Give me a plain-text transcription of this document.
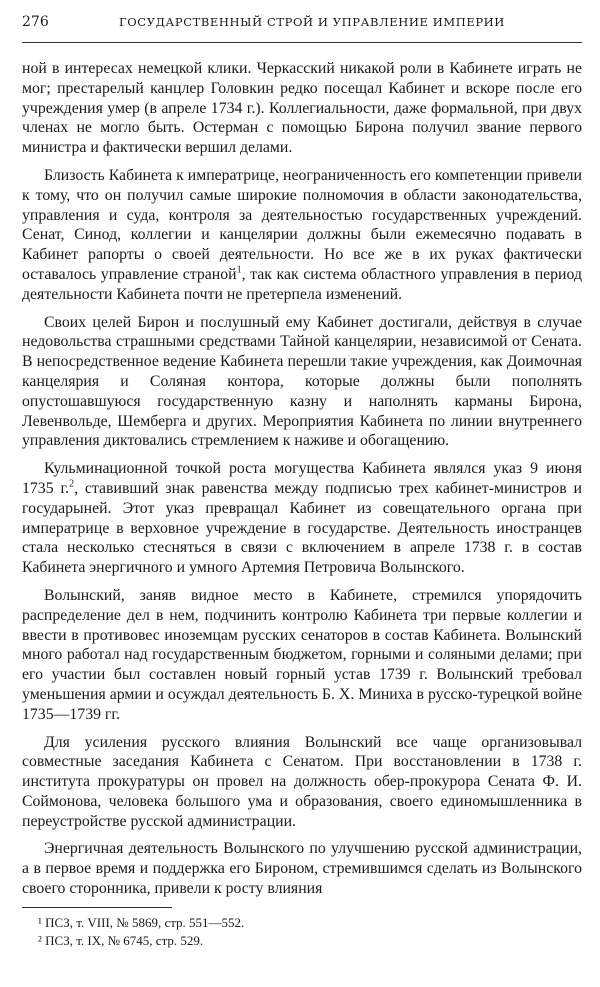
276	ГОСУДАРСТВЕННЫЙ СТРОЙ И УПРАВЛЕНИЕ ИМПЕРИИ

ной в интересах немецкой клики. Черкасский никакой роли в Кабинете играть не мог; престарелый канцлер Головкин редко посещал Кабинет и вскоре после его учреждения умер (в апреле 1734 г.). Коллегиальности, даже формальной, при двух членах не могло быть. Остерман с помощью Бирона получил звание первого министра и фактически вершил делами.

Близость Кабинета к императрице, неограниченность его компетенции привели к тому, что он получил самые широкие полномочия в области законодательства, управления и суда, контроля за деятельностью государственных учреждений. Сенат, Синод, коллегии и канцелярии должны были ежемесячно подавать в Кабинет рапорты о своей деятельности. Но все же в их руках фактически оставалось управление страной$^1$, так как система областного управления в период деятельности Кабинета почти не претерпела изменений.

Своих целей Бирон и послушный ему Кабинет достигали, действуя в случае недовольства страшными средствами Тайной канцелярии, независимой от Сената. В непосредственное ведение Кабинета перешли такие учреждения, как Доимочная канцелярия и Соляная контора, которые должны были пополнять опустошавшуюся государственную казну и наполнять карманы Бирона, Левенвольде, Шемберга и других. Мероприятия Кабинета по линии внутреннего управления диктовались стремлением к наживе и обогащению.

Кульминационной точкой роста могущества Кабинета являлся указ 9 июня 1735 г.$^2$, ставивший знак равенства между подписью трех кабинет-министров и государыней. Этот указ превращал Кабинет из совещательного органа при императрице в верховное учреждение в государстве. Деятельность иностранцев стала несколько стесняться в связи с включением в апреле 1738 г. в состав Кабинета энергичного и умного Артемия Петровича Волынского.

Волынский, заняв видное место в Кабинете, стремился упорядочить распределение дел в нем, подчинить контролю Кабинета три первые коллегии и ввести в противовес иноземцам русских сенаторов в состав Кабинета. Волынский много работал над государственным бюджетом, горными и соляными делами; при его участии был составлен новый горный устав 1739 г. Волынский требовал уменьшения армии и осуждал деятельность Б. Х. Миниха в русско-турецкой войне 1735—1739 гг.

Для усиления русского влияния Волынский все чаще организовывал совместные заседания Кабинета с Сенатом. При восстановлении в 1738 г. института прокуратуры он провел на должность обер-прокурора Сената Ф. И. Соймонова, человека большого ума и образования, своего единомышленника в переустройстве русской администрации.

Энергичная деятельность Волынского по улучшению русской администрации, а в первое время и поддержка его Бироном, стремившимся сделать из Волынского своего сторонника, привели к росту влияния

¹ ПСЗ, т. VIII, № 5869, стр. 551—552.
² ПСЗ, т. IX, № 6745, стр. 529.
